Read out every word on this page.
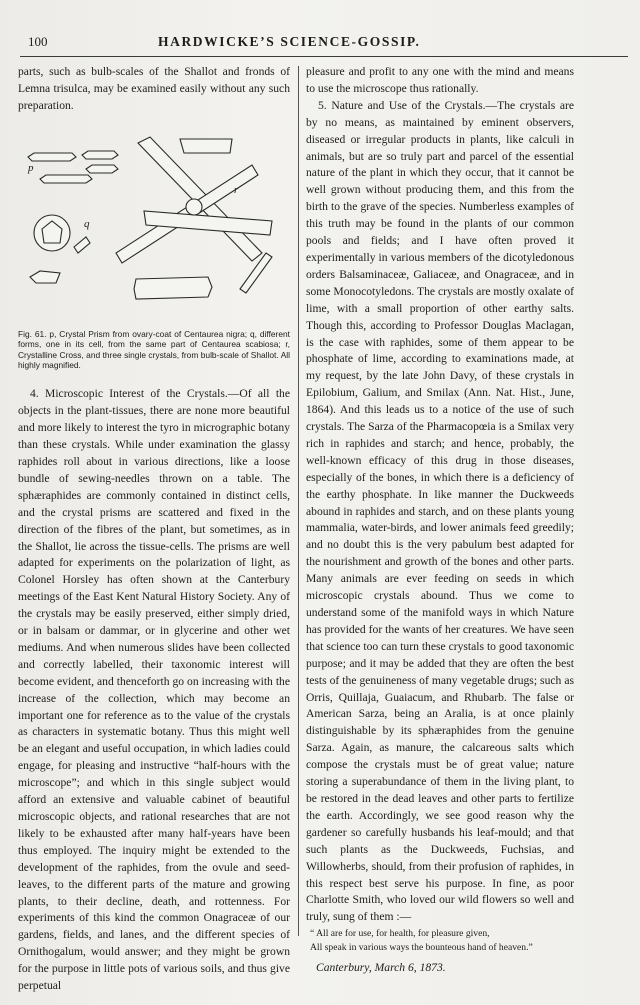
100	HARDWICKE’S SCIENCE-GOSSIP.

parts, such as bulb-scales of the Shallot and fronds of Lemna trisulca, may be examined easily without any such preparation.

p
q
r

Fig. 61. p, Crystal Prism from ovary-coat of Centaurea nigra; q, different forms, one in its cell, from the same part of Centaurea scabiosa; r, Crystalline Cross, and three single crystals, from bulb-scale of Shallot. All highly magnified.

4. Microscopic Interest of the Crystals.—Of all the objects in the plant-tissues, there are none more beautiful and more likely to interest the tyro in micrographic botany than these crystals. While under examination the glassy raphides roll about in various directions, like a loose bundle of sewing-needles thrown on a table. The sphæraphides are commonly contained in distinct cells, and the crystal prisms are scattered and fixed in the direction of the fibres of the plant, but sometimes, as in the Shallot, lie across the tissue-cells. The prisms are well adapted for experiments on the polarization of light, as Colonel Horsley has often shown at the Canterbury meetings of the East Kent Natural History Society. Any of the crystals may be easily preserved, either simply dried, or in balsam or dammar, or in glycerine and other wet mediums. And when numerous slides have been collected and correctly labelled, their taxonomic interest will become evident, and thenceforth go on increasing with the increase of the collection, which may become an important one for reference as to the value of the crystals as characters in systematic botany. Thus this might well be an elegant and useful occupation, in which ladies could engage, for pleasing and instructive “half-hours with the microscope”; and which in this single subject would afford an extensive and valuable cabinet of beautiful microscopic objects, and rational researches that are not likely to be exhausted after many half-years have been thus employed. The inquiry might be extended to the development of the raphides, from the ovule and seed-leaves, to the different parts of the mature and growing plants, to their decline, death, and rottenness. For experiments of this kind the common Onagraceæ of our gardens, fields, and lanes, and the different species of Ornithogalum, would answer; and they might be grown for the purpose in little pots of various soils, and thus give perpetual

pleasure and profit to any one with the mind and means to use the microscope thus rationally.

5. Nature and Use of the Crystals.—The crystals are by no means, as maintained by eminent observers, diseased or irregular products in plants, like calculi in animals, but are so truly part and parcel of the essential nature of the plant in which they occur, that it cannot be well grown without producing them, and this from the birth to the grave of the species. Numberless examples of this truth may be found in the plants of our common pools and fields; and I have often proved it experimentally in various members of the dicotyledonous orders Balsaminaceæ, Galiaceæ, and Onagraceæ, and in some Monocotyledons. The crystals are mostly oxalate of lime, with a small proportion of other earthy salts. Though this, according to Professor Douglas Maclagan, is the case with raphides, some of them appear to be phosphate of lime, according to examinations made, at my request, by the late John Davy, of these crystals in Epilobium, Galium, and Smilax (Ann. Nat. Hist., June, 1864). And this leads us to a notice of the use of such crystals. The Sarza of the Pharmacopœia is a Smilax very rich in raphides and starch; and hence, probably, the well-known efficacy of this drug in those diseases, especially of the bones, in which there is a deficiency of the earthy phosphate. In like manner the Duckweeds abound in raphides and starch, and on these plants young mammalia, water-birds, and lower animals feed greedily; and no doubt this is the very pabulum best adapted for the nourishment and growth of the bones and other parts. Many animals are ever feeding on seeds in which microscopic crystals abound. Thus we come to understand some of the manifold ways in which Nature has provided for the wants of her creatures. We have seen that science too can turn these crystals to good taxonomic purpose; and it may be added that they are often the best tests of the genuineness of many vegetable drugs; such as Orris, Quillaja, Guaiacum, and Rhubarb. The false or American Sarza, being an Aralia, is at once plainly distinguishable by its sphæraphides from the genuine Sarza. Again, as manure, the calcareous salts which compose the crystals must be of great value; nature storing a superabundance of them in the living plant, to be restored in the dead leaves and other parts to fertilize the earth. Accordingly, we see good reason why the gardener so carefully husbands his leaf-mould; and that such plants as the Duckweeds, Fuchsias, and Willowherbs, should, from their profusion of raphides, in this respect best serve his purpose. In fine, as poor Charlotte Smith, who loved our wild flowers so well and truly, sung of them :—

“ All are for use, for health, for pleasure given,

All speak in various ways the bounteous hand of heaven.”

Canterbury, March 6, 1873.
